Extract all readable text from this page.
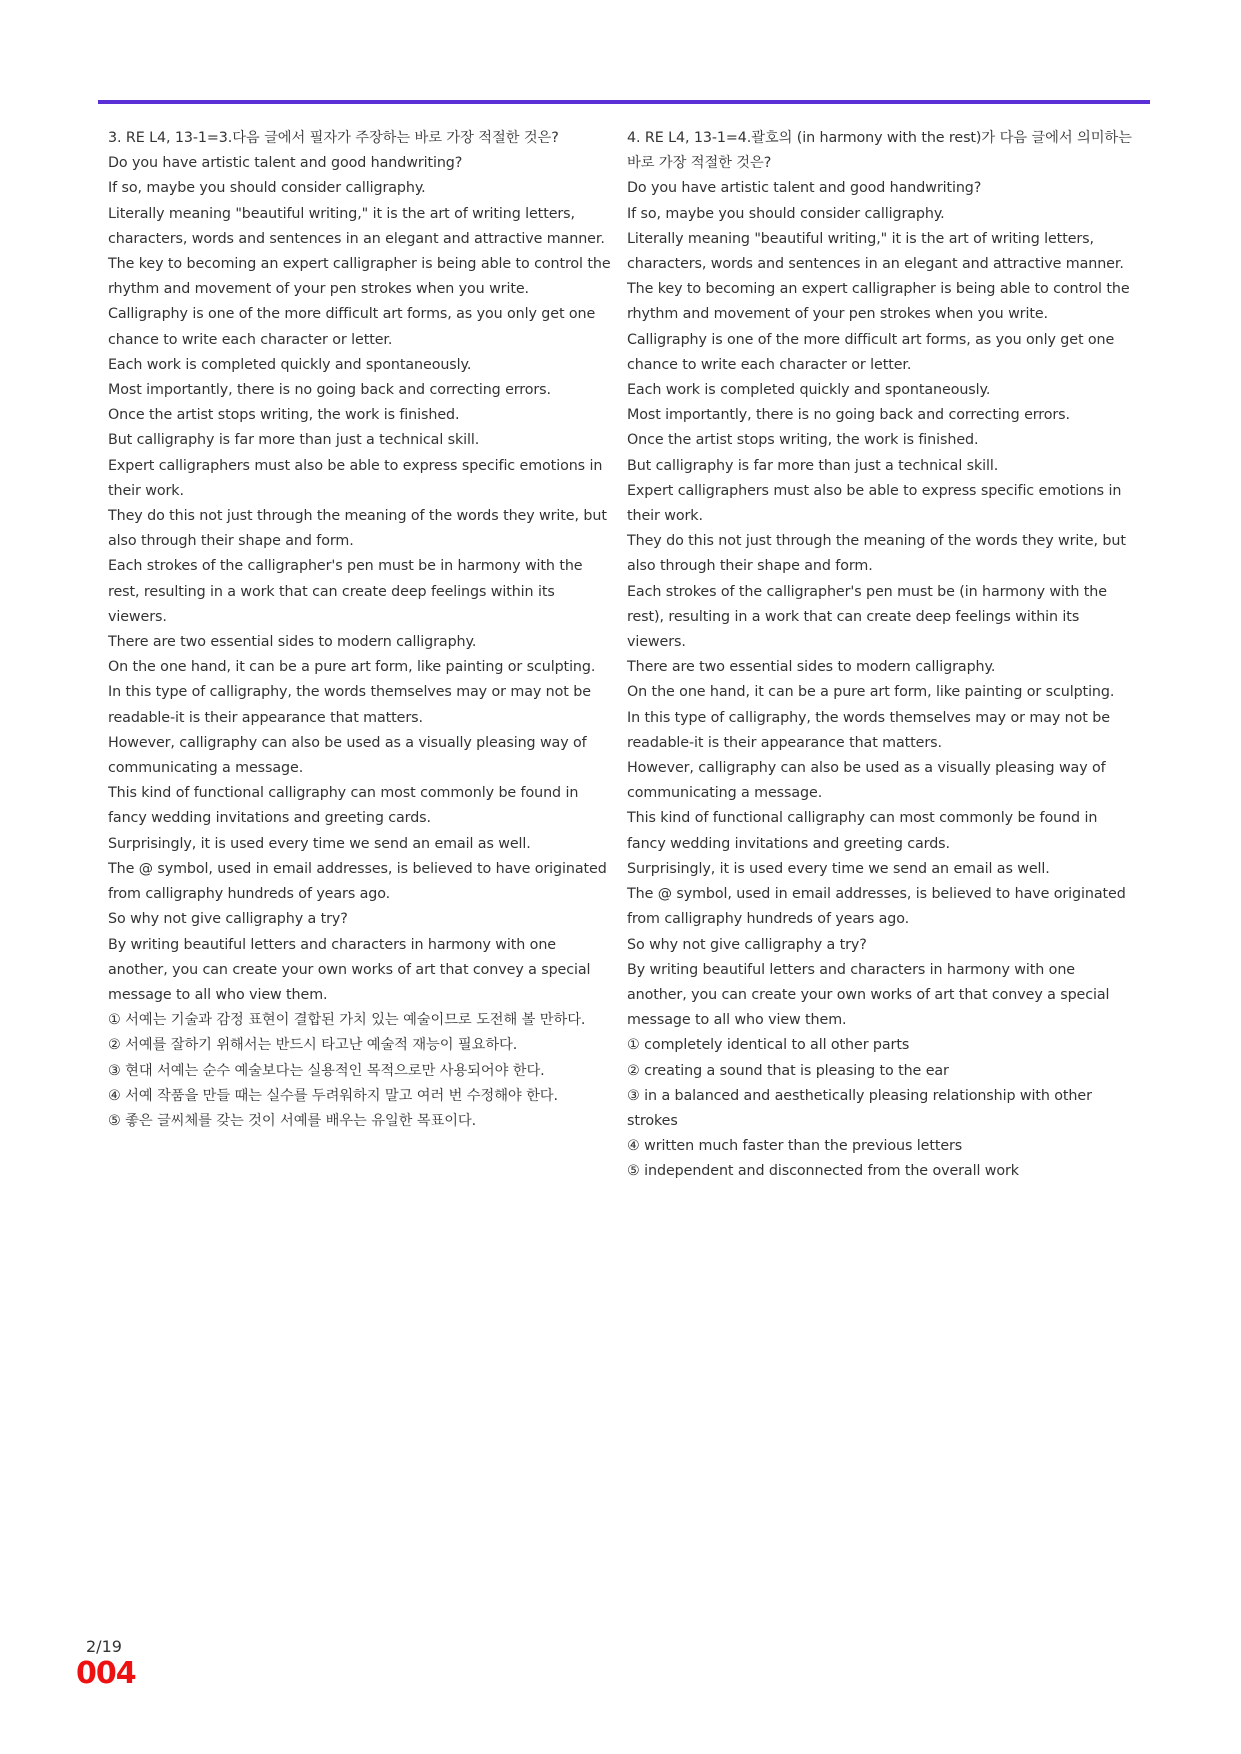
3. RE L4, 13-1=3.다음 글에서 필자가 주장하는 바로 가장 적절한 것은?
Do you have artistic talent and good handwriting?
If so, maybe you should consider calligraphy.
Literally meaning "beautiful writing," it is the art of writing letters, characters, words and sentences in an elegant and attractive manner.
The key to becoming an expert calligrapher is being able to control the rhythm and movement of your pen strokes when you write.
Calligraphy is one of the more difficult art forms, as you only get one chance to write each character or letter.
Each work is completed quickly and spontaneously.
Most importantly, there is no going back and correcting errors.
Once the artist stops writing, the work is finished.
But calligraphy is far more than just a technical skill.
Expert calligraphers must also be able to express specific emotions in their work.
They do this not just through the meaning of the words they write, but also through their shape and form.
Each strokes of the calligrapher's pen must be in harmony with the rest, resulting in a work that can create deep feelings within its viewers.
There are two essential sides to modern calligraphy.
On the one hand, it can be a pure art form, like painting or sculpting.
In this type of calligraphy, the words themselves may or may not be readable-it is their appearance that matters.
However, calligraphy can also be used as a visually pleasing way of communicating a message.
This kind of functional calligraphy can most commonly be found in fancy wedding invitations and greeting cards.
Surprisingly, it is used every time we send an email as well.
The @ symbol, used in email addresses, is believed to have originated from calligraphy hundreds of years ago.
So why not give calligraphy a try?
By writing beautiful letters and characters in harmony with one another, you can create your own works of art that convey a special message to all who view them.
① 서예는 기술과 감정 표현이 결합된 가치 있는 예술이므로 도전해 볼 만하다.
② 서예를 잘하기 위해서는 반드시 타고난 예술적 재능이 필요하다.
③ 현대 서예는 순수 예술보다는 실용적인 목적으로만 사용되어야 한다.
④ 서예 작품을 만들 때는 실수를 두려워하지 말고 여러 번 수정해야 한다.
⑤ 좋은 글씨체를 갖는 것이 서예를 배우는 유일한 목표이다.
4. RE L4, 13-1=4.괄호의 (in harmony with the rest)가 다음 글에서 의미하는 바로 가장 적절한 것은?
Do you have artistic talent and good handwriting?
If so, maybe you should consider calligraphy.
Literally meaning "beautiful writing," it is the art of writing letters, characters, words and sentences in an elegant and attractive manner.
The key to becoming an expert calligrapher is being able to control the rhythm and movement of your pen strokes when you write.
Calligraphy is one of the more difficult art forms, as you only get one chance to write each character or letter.
Each work is completed quickly and spontaneously.
Most importantly, there is no going back and correcting errors.
Once the artist stops writing, the work is finished.
But calligraphy is far more than just a technical skill.
Expert calligraphers must also be able to express specific emotions in their work.
They do this not just through the meaning of the words they write, but also through their shape and form.
Each strokes of the calligrapher's pen must be (in harmony with the rest), resulting in a work that can create deep feelings within its viewers.
There are two essential sides to modern calligraphy.
On the one hand, it can be a pure art form, like painting or sculpting.
In this type of calligraphy, the words themselves may or may not be readable-it is their appearance that matters.
However, calligraphy can also be used as a visually pleasing way of communicating a message.
This kind of functional calligraphy can most commonly be found in fancy wedding invitations and greeting cards.
Surprisingly, it is used every time we send an email as well.
The @ symbol, used in email addresses, is believed to have originated from calligraphy hundreds of years ago.
So why not give calligraphy a try?
By writing beautiful letters and characters in harmony with one another, you can create your own works of art that convey a special message to all who view them.
① completely identical to all other parts
② creating a sound that is pleasing to the ear
③ in a balanced and aesthetically pleasing relationship with other strokes
④ written much faster than the previous letters
⑤ independent and disconnected from the overall work
2/19
004
